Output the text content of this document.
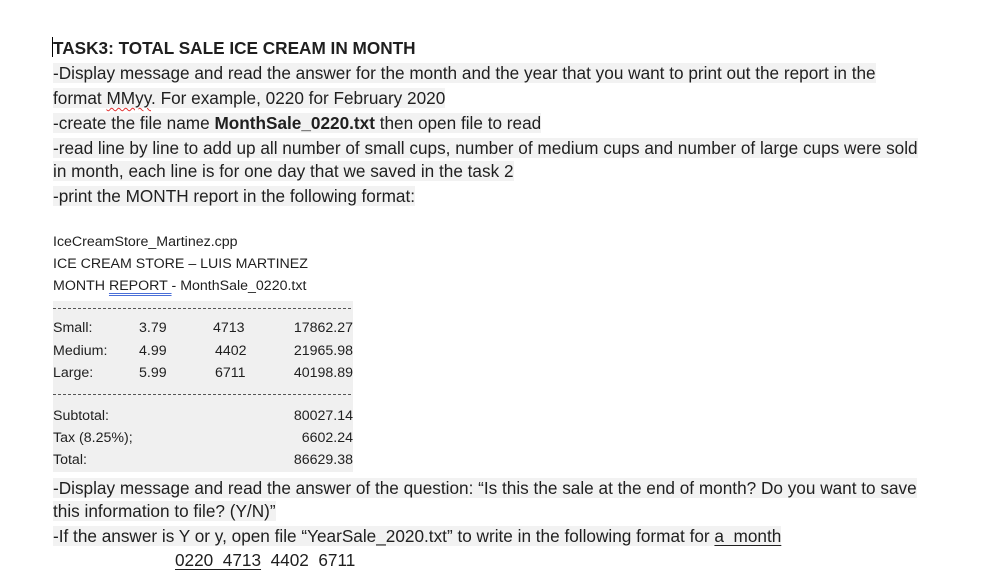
TASK3: TOTAL SALE ICE CREAM IN MONTH
-Display message and read the answer for the month and the year that you want to print out the report in the
format MMyy. For example, 0220 for February 2020
-create the file name MonthSale_0220.txt then open file to read
-read line by line to add up all number of small cups, number of medium cups and number of large cups were sold
in month, each line is for one day that we saved in the task 2
-print the MONTH report in the following format:
IceCreamStore_Martinez.cpp
ICE CREAM STORE – LUIS MARTINEZ
MONTH REPORT - MonthSale_0220.txt
Small:	3.79	4713	17862.27
Medium: 4.99	4402	21965.98
Large:	5.99	6711	40198.89
Subtotal:	80027.14
Tax (8.25%);	6602.24
Total:	86629.38
-Display message and read the answer of the question: “Is this the sale at the end of month? Do you want to save
this information to file? (Y/N)”
-If the answer is Y or y, open file “YearSale_2020.txt” to write in the following format for a  month
0220  4713  4402  6711
